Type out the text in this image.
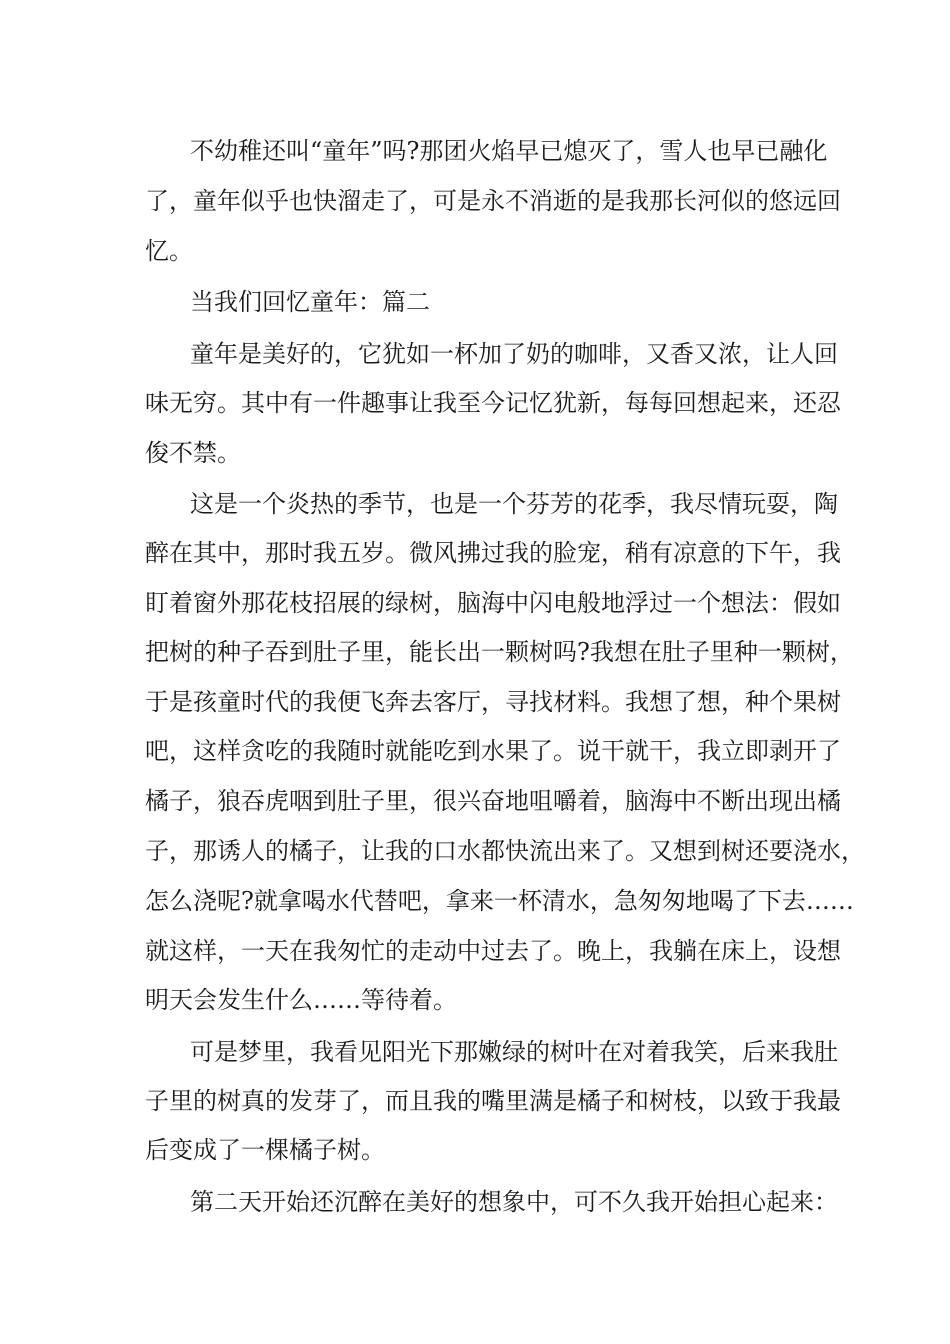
不幼稚还叫“童年”吗?那团火焰早已熄灭了，雪人也早已融化

了，童年似乎也快溜走了，可是永不消逝的是我那长河似的悠远回

忆。

当我们回忆童年：篇二

童年是美好的，它犹如一杯加了奶的咖啡，又香又浓，让人回

味无穷。其中有一件趣事让我至今记忆犹新，每每回想起来，还忍

俊不禁。

这是一个炎热的季节，也是一个芬芳的花季，我尽情玩耍，陶

醉在其中，那时我五岁。微风拂过我的脸宠，稍有凉意的下午，我

盯着窗外那花枝招展的绿树，脑海中闪电般地浮过一个想法：假如

把树的种子吞到肚子里，能长出一颗树吗?我想在肚子里种一颗树，

于是孩童时代的我便飞奔去客厅，寻找材料。我想了想，种个果树

吧，这样贪吃的我随时就能吃到水果了。说干就干，我立即剥开了

橘子，狼吞虎咽到肚子里，很兴奋地咀嚼着，脑海中不断出现出橘

子，那诱人的橘子，让我的口水都快流出来了。又想到树还要浇水，

怎么浇呢?就拿喝水代替吧，拿来一杯清水，急匆匆地喝了下去……

就这样，一天在我匆忙的走动中过去了。晚上，我躺在床上，设想

明天会发生什么……等待着。

可是梦里，我看见阳光下那嫩绿的树叶在对着我笑，后来我肚

子里的树真的发芽了，而且我的嘴里满是橘子和树枝，以致于我最

后变成了一棵橘子树。

第二天开始还沉醉在美好的想象中，可不久我开始担心起来：
